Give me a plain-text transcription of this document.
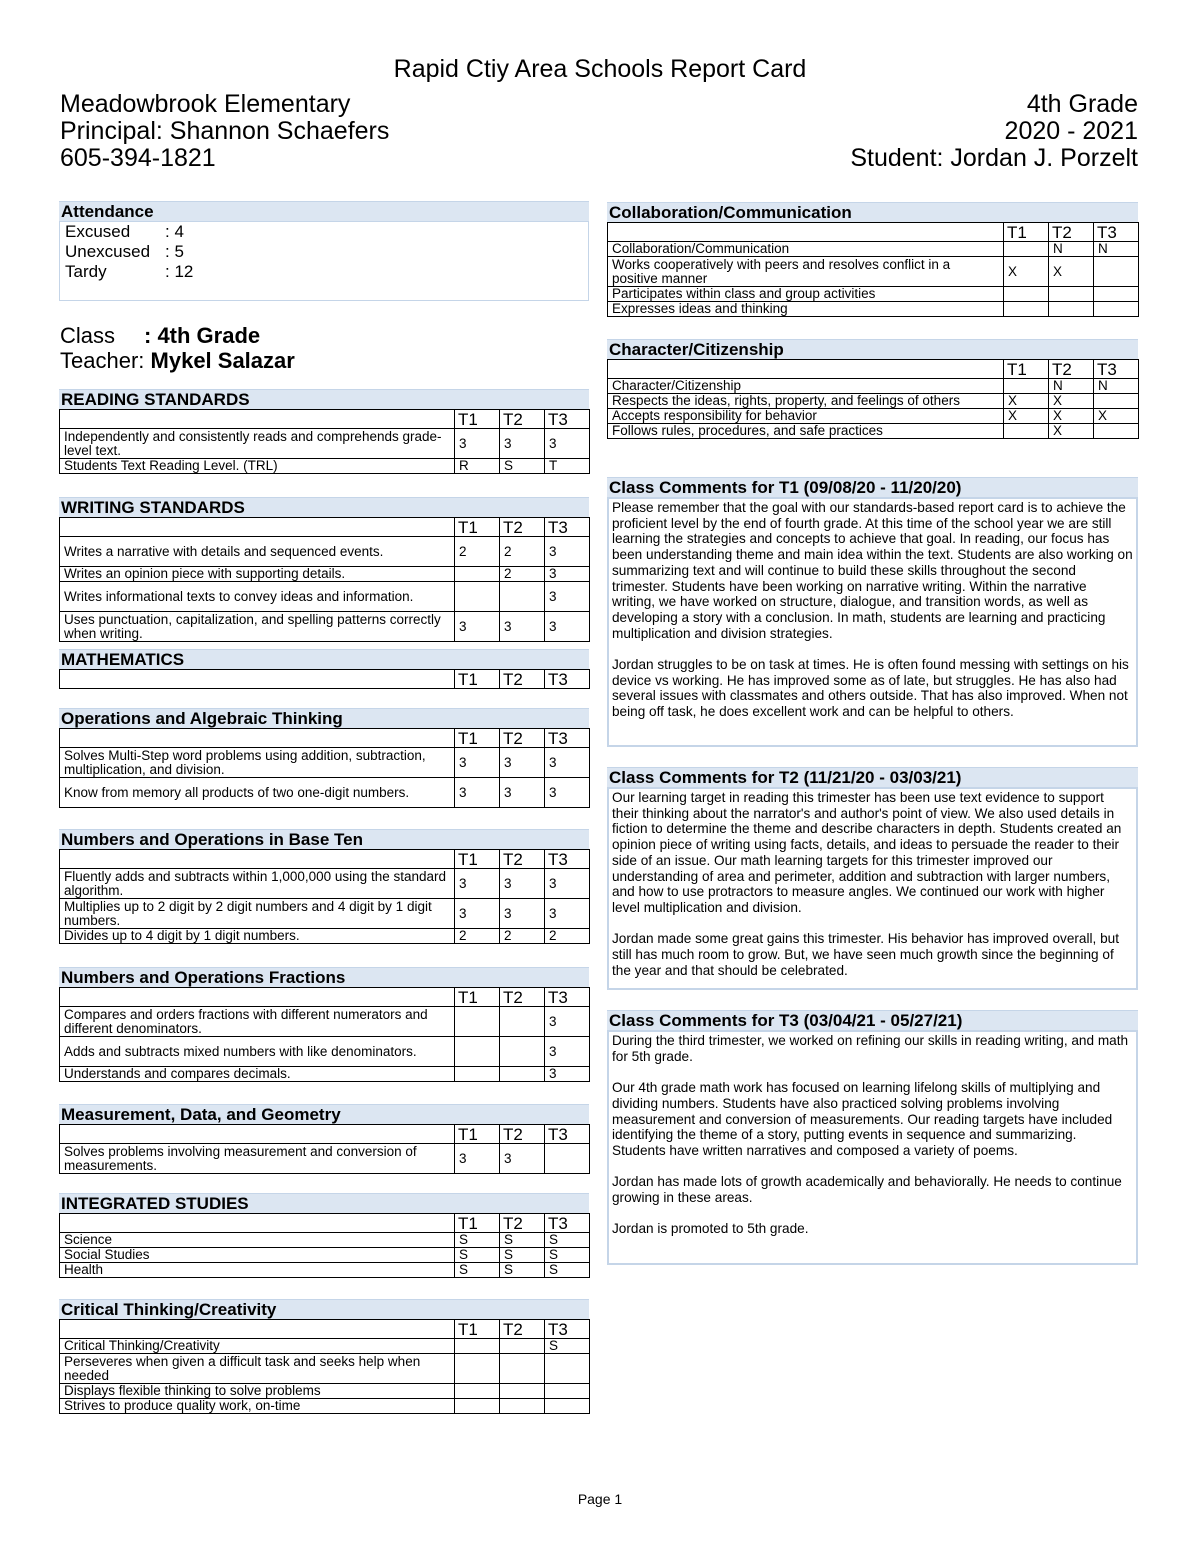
Rapid Ctiy Area Schools Report Card
Meadowbrook Elementary
Principal: Shannon Schaefers
605-394-1821
4th Grade
2020 - 2021
Student: Jordan J. Porzelt
Attendance
Excused : 4
Unexcused : 5
Tardy	: 12
Class : 4th Grade
Teacher: Mykel Salazar
READING STANDARDS
	T1	T2	T3
Independently and consistently reads and comprehends grade-level text.	3	3	3
Students Text Reading Level. (TRL)	R	S	T
WRITING STANDARDS
	T1	T2	T3
Writes a narrative with details and sequenced events.	2	2	3
Writes an opinion piece with supporting details.		2	3
Writes informational texts to convey ideas and information.			3
Uses punctuation, capitalization, and spelling patterns correctly when writing.	3	3	3
MATHEMATICS
	T1	T2	T3
Operations and Algebraic Thinking
	T1	T2	T3
Solves Multi-Step word problems using addition, subtraction, multiplication, and division.	3	3	3
Know from memory all products of two one-digit numbers.	3	3	3
Numbers and Operations in Base Ten
	T1	T2	T3
Fluently adds and subtracts within 1,000,000 using the standard algorithm.	3	3	3
Multiplies up to 2 digit by 2 digit numbers and 4 digit by 1 digit numbers.	3	3	3
Divides up to 4 digit by 1 digit numbers.	2	2	2
Numbers and Operations Fractions
	T1	T2	T3
Compares and orders fractions with different numerators and different denominators.			3
Adds and subtracts mixed numbers with like denominators.			3
Understands and compares decimals.			3
Measurement, Data, and Geometry
	T1	T2	T3
Solves problems involving measurement and conversion of measurements.	3	3	
INTEGRATED STUDIES
	T1	T2	T3
Science	S	S	S
Social Studies	S	S	S
Health	S	S	S
Critical Thinking/Creativity
	T1	T2	T3
Critical Thinking/Creativity			S
Perseveres when given a difficult task and seeks help when needed			
Displays flexible thinking to solve problems			
Strives to produce quality work, on-time			
Collaboration/Communication
	T1	T2	T3
Collaboration/Communication		N	N
Works cooperatively with peers and resolves conflict in a positive manner	X	X	
Participates within class and group activities			
Expresses ideas and thinking			
Character/Citizenship
	T1	T2	T3
Character/Citizenship		N	N
Respects the ideas, rights, property, and feelings of others	X	X	
Accepts responsibility for behavior	X	X	X
Follows rules, procedures, and safe practices		X	
Class Comments for T1 (09/08/20 - 11/20/20)

Please remember that the goal with our standards-based report card is to achieve the proficient level by the end of fourth grade. At this time of the school year we are still learning the strategies and concepts to achieve that goal. In reading, our focus has been understanding theme and main idea within the text. Students are also working on summarizing text and will continue to build these skills throughout the second trimester. Students have been working on narrative writing. Within the narrative writing, we have worked on structure, dialogue, and transition words, as well as developing a story with a conclusion. In math, students are learning and practicing multiplication and division strategies.

Jordan struggles to be on task at times. He is often found messing with settings on his device vs working. He has improved some as of late, but struggles. He has also had several issues with classmates and others outside. That has also improved. When not being off task, he does excellent work and can be helpful to others.

Class Comments for T2 (11/21/20 - 03/03/21)

Our learning target in reading this trimester has been use text evidence to support their thinking about the narrator's and author's point of view. We also used details in fiction to determine the theme and describe characters in depth. Students created an opinion piece of writing using facts, details, and ideas to persuade the reader to their side of an issue. Our math learning targets for this trimester improved our understanding of area and perimeter, addition and subtraction with larger numbers, and how to use protractors to measure angles. We continued our work with higher level multiplication and division.

Jordan made some great gains this trimester. His behavior has improved overall, but still has much room to grow. But, we have seen much growth since the beginning of the year and that should be celebrated.

Class Comments for T3 (03/04/21 - 05/27/21)

During the third trimester, we worked on refining our skills in reading writing, and math for 5th grade.

Our 4th grade math work has focused on learning lifelong skills of multiplying and dividing numbers. Students have also practiced solving problems involving measurement and conversion of measurements. Our reading targets have included identifying the theme of a story, putting events in sequence and summarizing. Students have written narratives and composed a variety of poems.

Jordan has made lots of growth academically and behaviorally. He needs to continue growing in these areas.

Jordan is promoted to 5th grade.

Page 1
